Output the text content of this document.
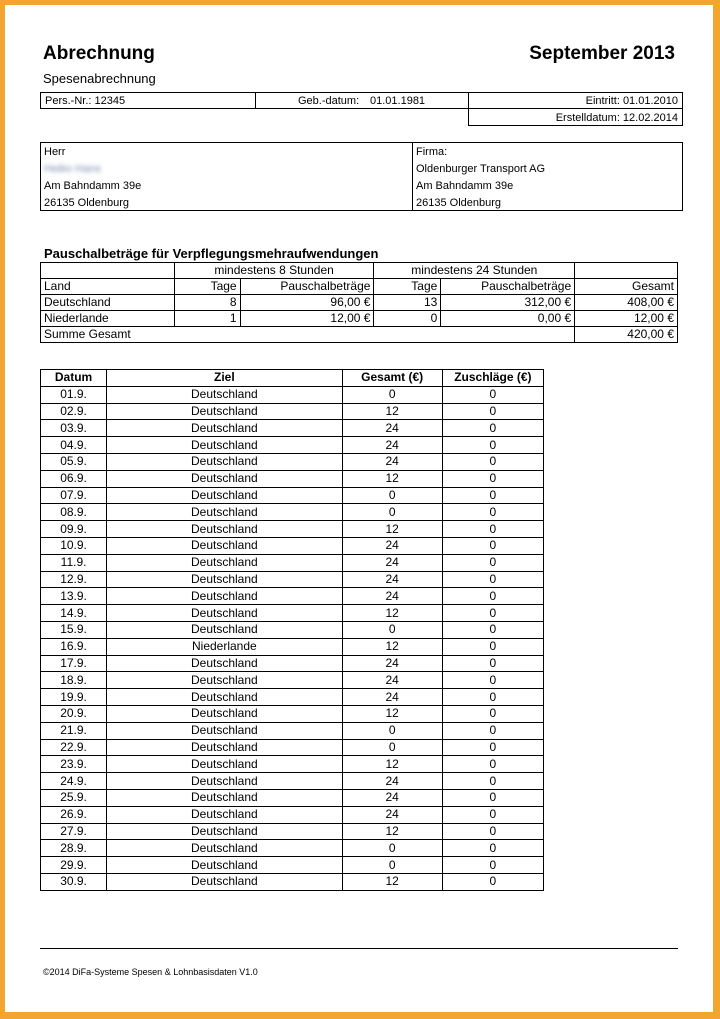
Abrechnung	September 2013
Spesenabrechnung
Pers.-Nr.: 12345	Geb.-datum: 01.01.1981	Eintritt: 01.01.2010
Erstelldatum: 12.02.2014
Herr
Heiko Hans
Am Bahndamm 39e
26135 Oldenburg
Firma:
Oldenburger Transport AG
Am Bahndamm 39e
26135 Oldenburg
Pauschalbeträge für Verpflegungsmehraufwendungen
	mindestens 8 Stunden		mindestens 24 Stunden		
Land	Tage	Pauschalbeträge	Tage	Pauschalbeträge	Gesamt
Deutschland	8	96,00 €	13	312,00 €	408,00 €
Niederlande	1	12,00 €	0	0,00 €	12,00 €
Summe Gesamt					420,00 €
Datum	Ziel	Gesamt (€)	Zuschläge (€)
01.9.	Deutschland	0	0
02.9.	Deutschland	12	0
03.9.	Deutschland	24	0
04.9.	Deutschland	24	0
05.9.	Deutschland	24	0
06.9.	Deutschland	12	0
07.9.	Deutschland	0	0
08.9.	Deutschland	0	0
09.9.	Deutschland	12	0
10.9.	Deutschland	24	0
11.9.	Deutschland	24	0
12.9.	Deutschland	24	0
13.9.	Deutschland	24	0
14.9.	Deutschland	12	0
15.9.	Deutschland	0	0
16.9.	Niederlande	12	0
17.9.	Deutschland	24	0
18.9.	Deutschland	24	0
19.9.	Deutschland	24	0
20.9.	Deutschland	12	0
21.9.	Deutschland	0	0
22.9.	Deutschland	0	0
23.9.	Deutschland	12	0
24.9.	Deutschland	24	0
25.9.	Deutschland	24	0
26.9.	Deutschland	24	0
27.9.	Deutschland	12	0
28.9.	Deutschland	0	0
29.9.	Deutschland	0	0
30.9.	Deutschland	12	0
©2014 DiFa-Systeme Spesen & Lohnbasisdaten V1.0
